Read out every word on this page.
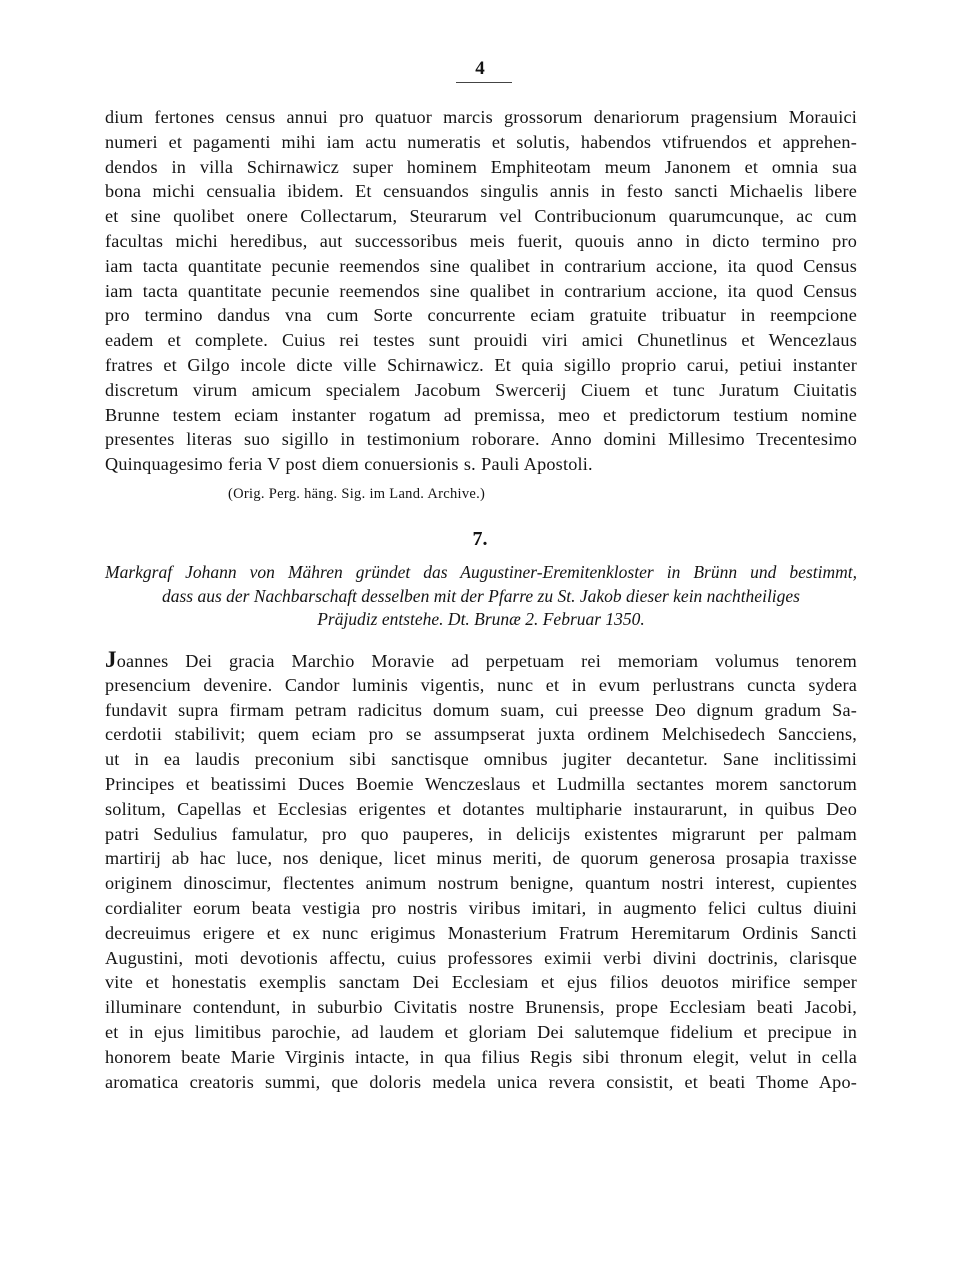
4
dium fertones census annui pro quatuor marcis grossorum denariorum pragensium Morauici
numeri et pagamenti mihi iam actu numeratis et solutis, habendos vtifruendos et apprehen-
dendos in villa Schirnawicz super hominem Emphiteotam meum Janonem et omnia sua
bona michi censualia ibidem. Et censuandos singulis annis in festo sancti Michaelis libere
et sine quolibet onere Collectarum, Steurarum vel Contribucionum quarumcunque, ac cum
facultas michi heredibus, aut successoribus meis fuerit, quouis anno in dicto termino pro
iam tacta quantitate pecunie reemendos sine qualibet in contrarium accione, ita quod Census
iam tacta quantitate pecunie reemendos sine qualibet in contrarium accione, ita quod Census
pro termino dandus vna cum Sorte concurrente eciam gratuite tribuatur in reempcione
eadem et complete. Cuius rei testes sunt prouidi viri amici Chunetlinus et Wencezlaus
fratres et Gilgo incole dicte ville Schirnawicz. Et quia sigillo proprio carui, petiui instanter
discretum virum amicum specialem Jacobum Swercerij Ciuem et tunc Juratum Ciuitatis
Brunne testem eciam instanter rogatum ad premissa, meo et predictorum testium nomine
presentes literas suo sigillo in testimonium roborare. Anno domini Millesimo Trecentesimo
Quinquagesimo feria V post diem conuersionis s. Pauli Apostoli.
(Orig. Perg. häng. Sig. im Land. Archive.)
7.
Markgraf Johann von Mähren gründet das Augustiner-Eremitenkloster in Brünn und bestimmt,
dass aus der Nachbarschaft desselben mit der Pfarre zu St. Jakob dieser kein nachtheiliges
Präjudiz entstehe. Dt. Brunæ 2. Februar 1350.
Joannes Dei gracia Marchio Moravie ad perpetuam rei memoriam volumus tenorem
presencium devenire. Candor luminis vigentis, nunc et in evum perlustrans cuncta sydera
fundavit supra firmam petram radicitus domum suam, cui preesse Deo dignum gradum Sa-
cerdotii stabilivit; quem eciam pro se assumpserat juxta ordinem Melchisedech Sancciens,
ut in ea laudis preconium sibi sanctisque omnibus jugiter decantetur. Sane inclitissimi
Principes et beatissimi Duces Boemie Wenczeslaus et Ludmilla sectantes morem sanctorum
solitum, Capellas et Ecclesias erigentes et dotantes multipharie instaurarunt, in quibus Deo
patri Sedulius famulatur, pro quo pauperes, in delicijs existentes migrarunt per palmam
martirij ab hac luce, nos denique, licet minus meriti, de quorum generosa prosapia traxisse
originem dinoscimur, flectentes animum nostrum benigne, quantum nostri interest, cupientes
cordialiter eorum beata vestigia pro nostris viribus imitari, in augmento felici cultus diuini
decreuimus erigere et ex nunc erigimus Monasterium Fratrum Heremitarum Ordinis Sancti
Augustini, moti devotionis affectu, cuius professores eximii verbi divini doctrinis, clarisque
vite et honestatis exemplis sanctam Dei Ecclesiam et ejus filios deuotos mirifice semper
illuminare contendunt, in suburbio Civitatis nostre Brunensis, prope Ecclesiam beati Jacobi,
et in ejus limitibus parochie, ad laudem et gloriam Dei salutemque fidelium et precipue in
honorem beate Marie Virginis intacte, in qua filius Regis sibi thronum elegit, velut in cella
aromatica creatoris summi, que doloris medela unica revera consistit, et beati Thome Apo-
